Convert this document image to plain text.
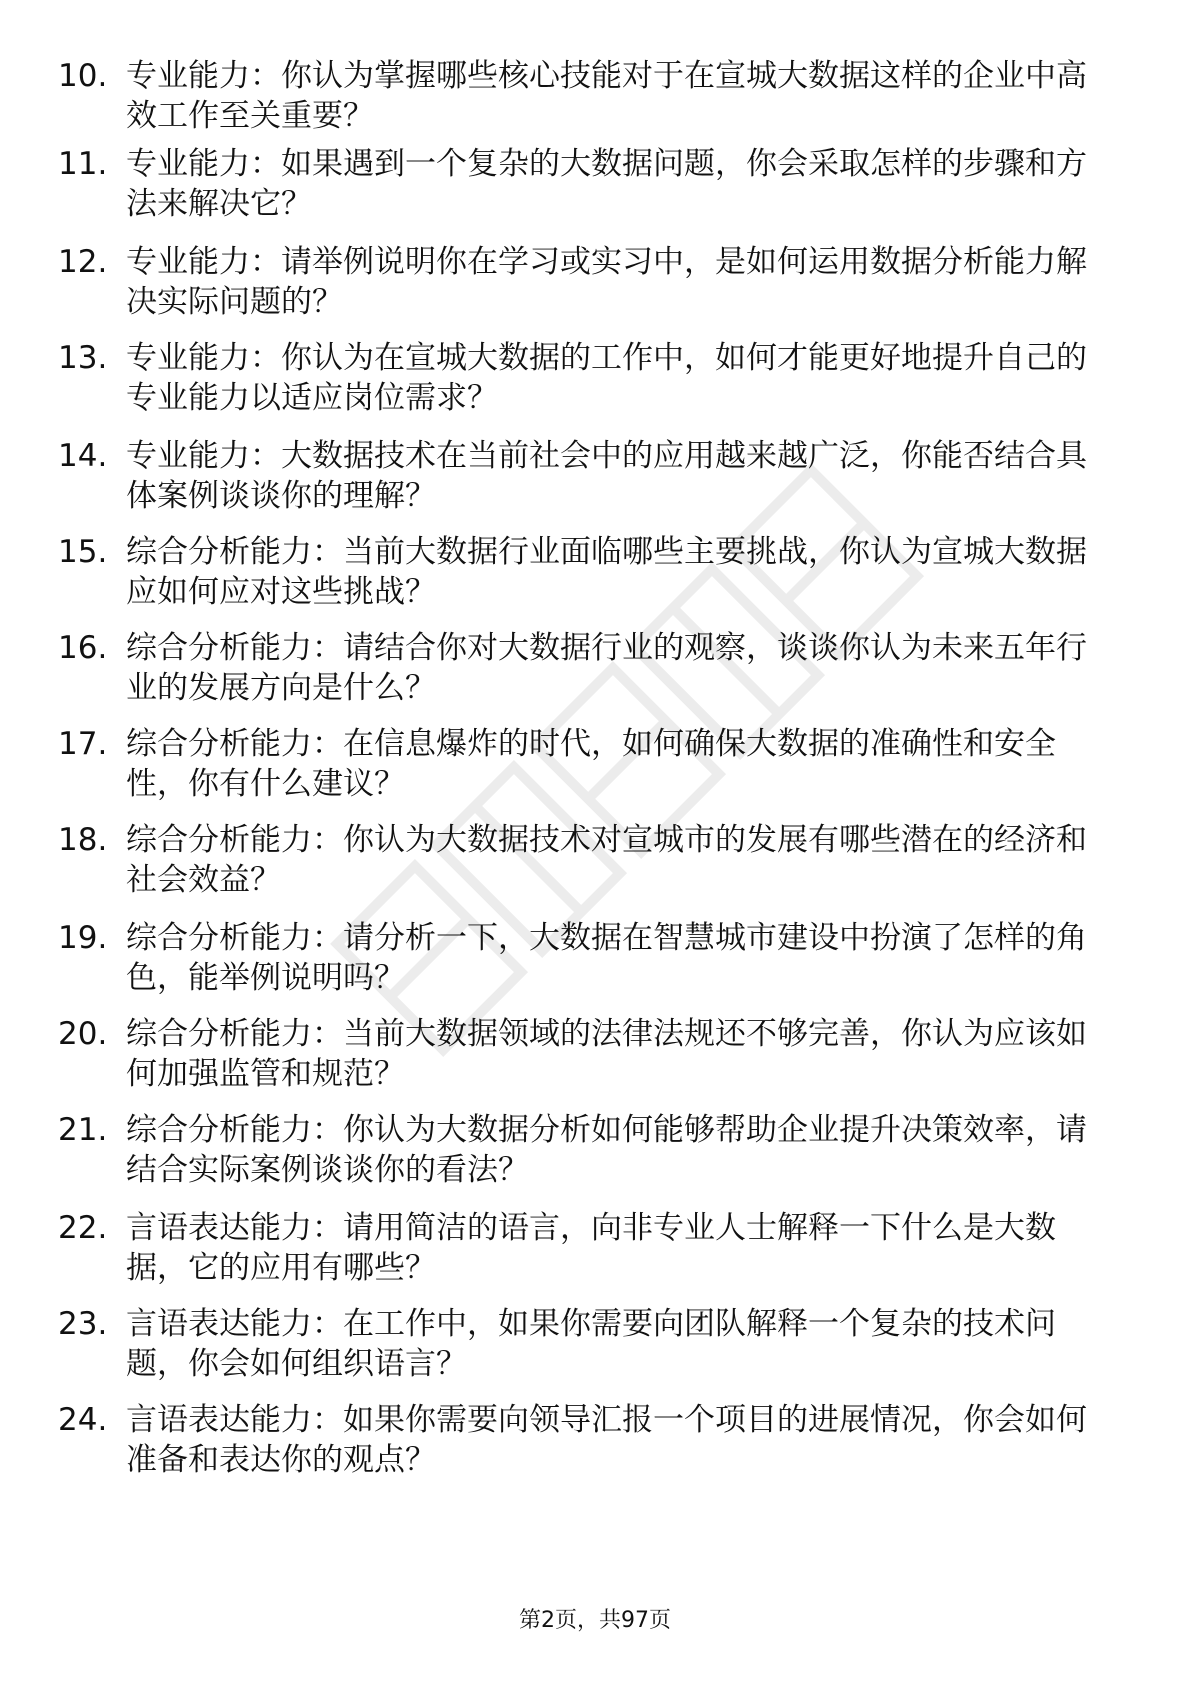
10. 专业能力：你认为掌握哪些核心技能对于在宣城大数据这样的企业中高效工作至关重要？
11. 专业能力：如果遇到一个复杂的大数据问题，你会采取怎样的步骤和方法来解决它？
12. 专业能力：请举例说明你在学习或实习中，是如何运用数据分析能力解决实际问题的？
13. 专业能力：你认为在宣城大数据的工作中，如何才能更好地提升自己的专业能力以适应岗位需求？
14. 专业能力：大数据技术在当前社会中的应用越来越广泛，你能否结合具体案例谈谈你的理解？
15. 综合分析能力：当前大数据行业面临哪些主要挑战，你认为宣城大数据应如何应对这些挑战？
16. 综合分析能力：请结合你对大数据行业的观察，谈谈你认为未来五年行业的发展方向是什么？
17. 综合分析能力：在信息爆炸的时代，如何确保大数据的准确性和安全性，你有什么建议？
18. 综合分析能力：你认为大数据技术对宣城市的发展有哪些潜在的经济和社会效益？
19. 综合分析能力：请分析一下，大数据在智慧城市建设中扮演了怎样的角色，能举例说明吗？
20. 综合分析能力：当前大数据领域的法律法规还不够完善，你认为应该如何加强监管和规范？
21. 综合分析能力：你认为大数据分析如何能够帮助企业提升决策效率，请结合实际案例谈谈你的看法？
22. 言语表达能力：请用简洁的语言，向非专业人士解释一下什么是大数据，它的应用有哪些？
23. 言语表达能力：在工作中，如果你需要向团队解释一个复杂的技术问题，你会如何组织语言？
24. 言语表达能力：如果你需要向领导汇报一个项目的进展情况，你会如何准备和表达你的观点？
第2页，共97页
